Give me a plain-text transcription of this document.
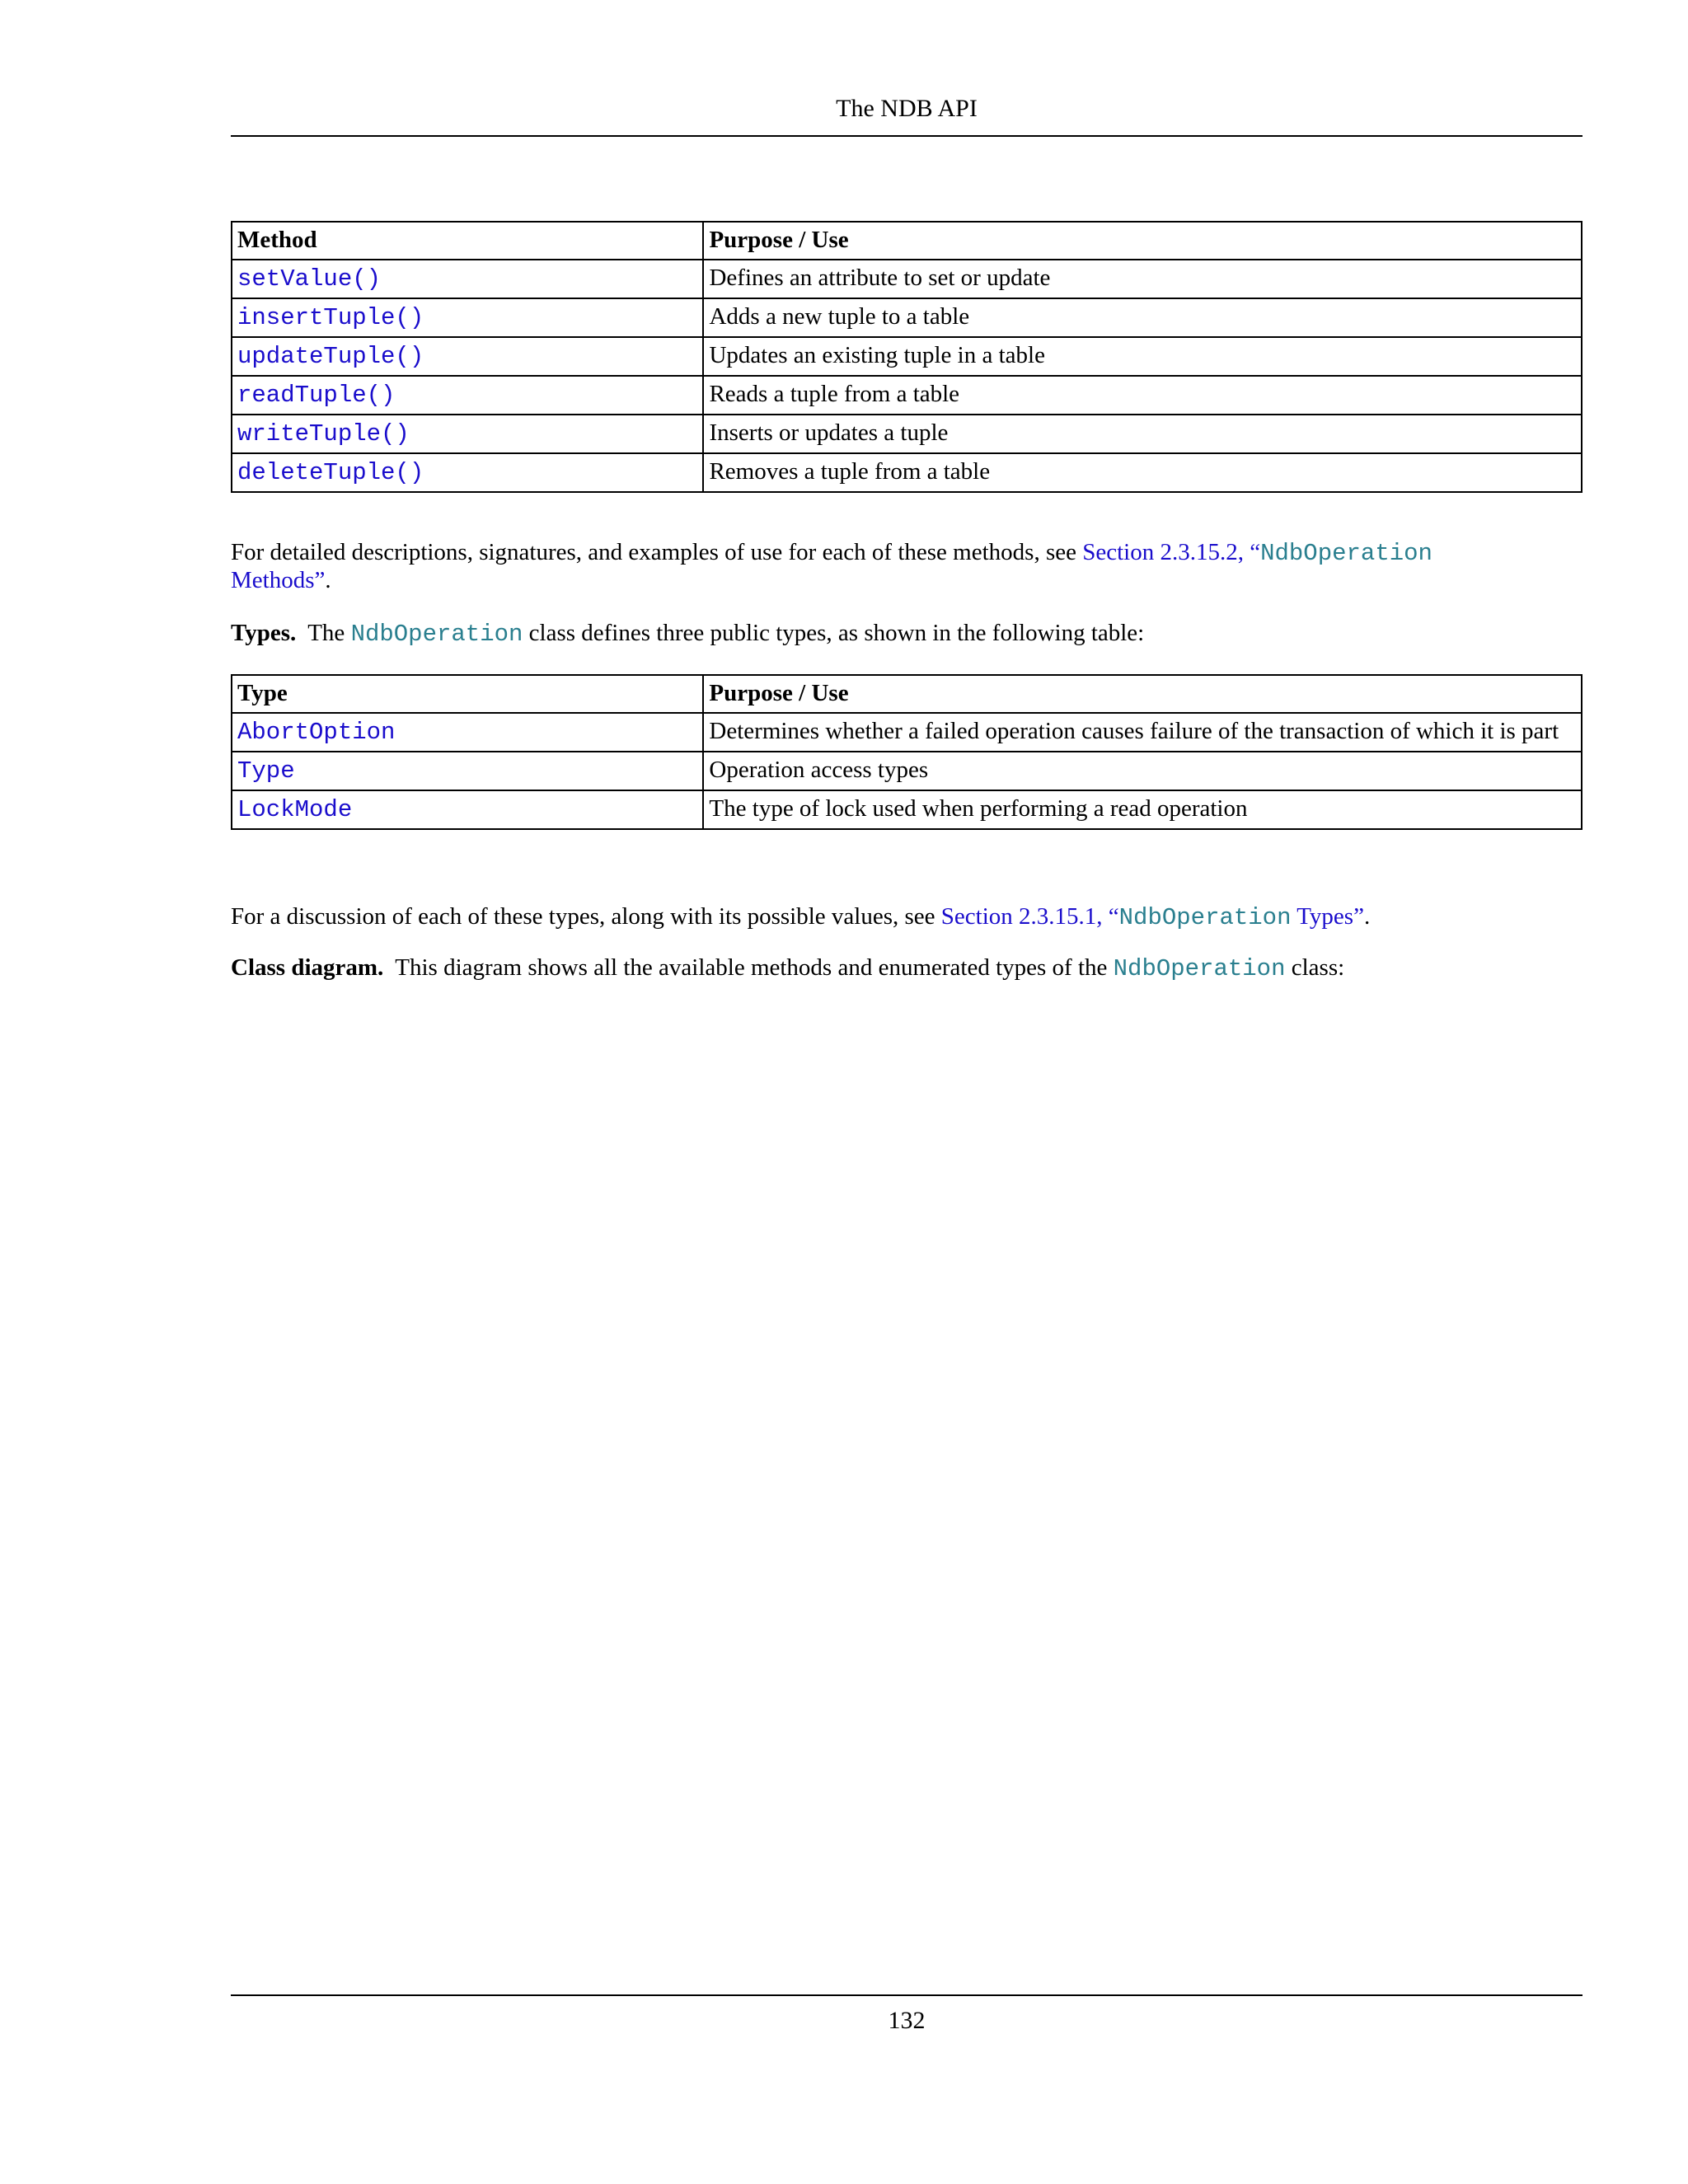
The NDB API
Method	Purpose / Use
setValue()	Defines an attribute to set or update
insertTuple()	Adds a new tuple to a table
updateTuple()	Updates an existing tuple in a table
readTuple()	Reads a tuple from a table
writeTuple()	Inserts or updates a tuple
deleteTuple()	Removes a tuple from a table

For detailed descriptions, signatures, and examples of use for each of these methods, see Section 2.3.15.2, “NdbOperation
Methods”.

Types. The NdbOperation class defines three public types, as shown in the following table:

Type	Purpose / Use
AbortOption	Determines whether a failed operation causes failure of the transaction of which it is part
Type	Operation access types
LockMode	The type of lock used when performing a read operation

For a discussion of each of these types, along with its possible values, see Section 2.3.15.1, “NdbOperation Types”.

Class diagram. This diagram shows all the available methods and enumerated types of the NdbOperation class:

132
